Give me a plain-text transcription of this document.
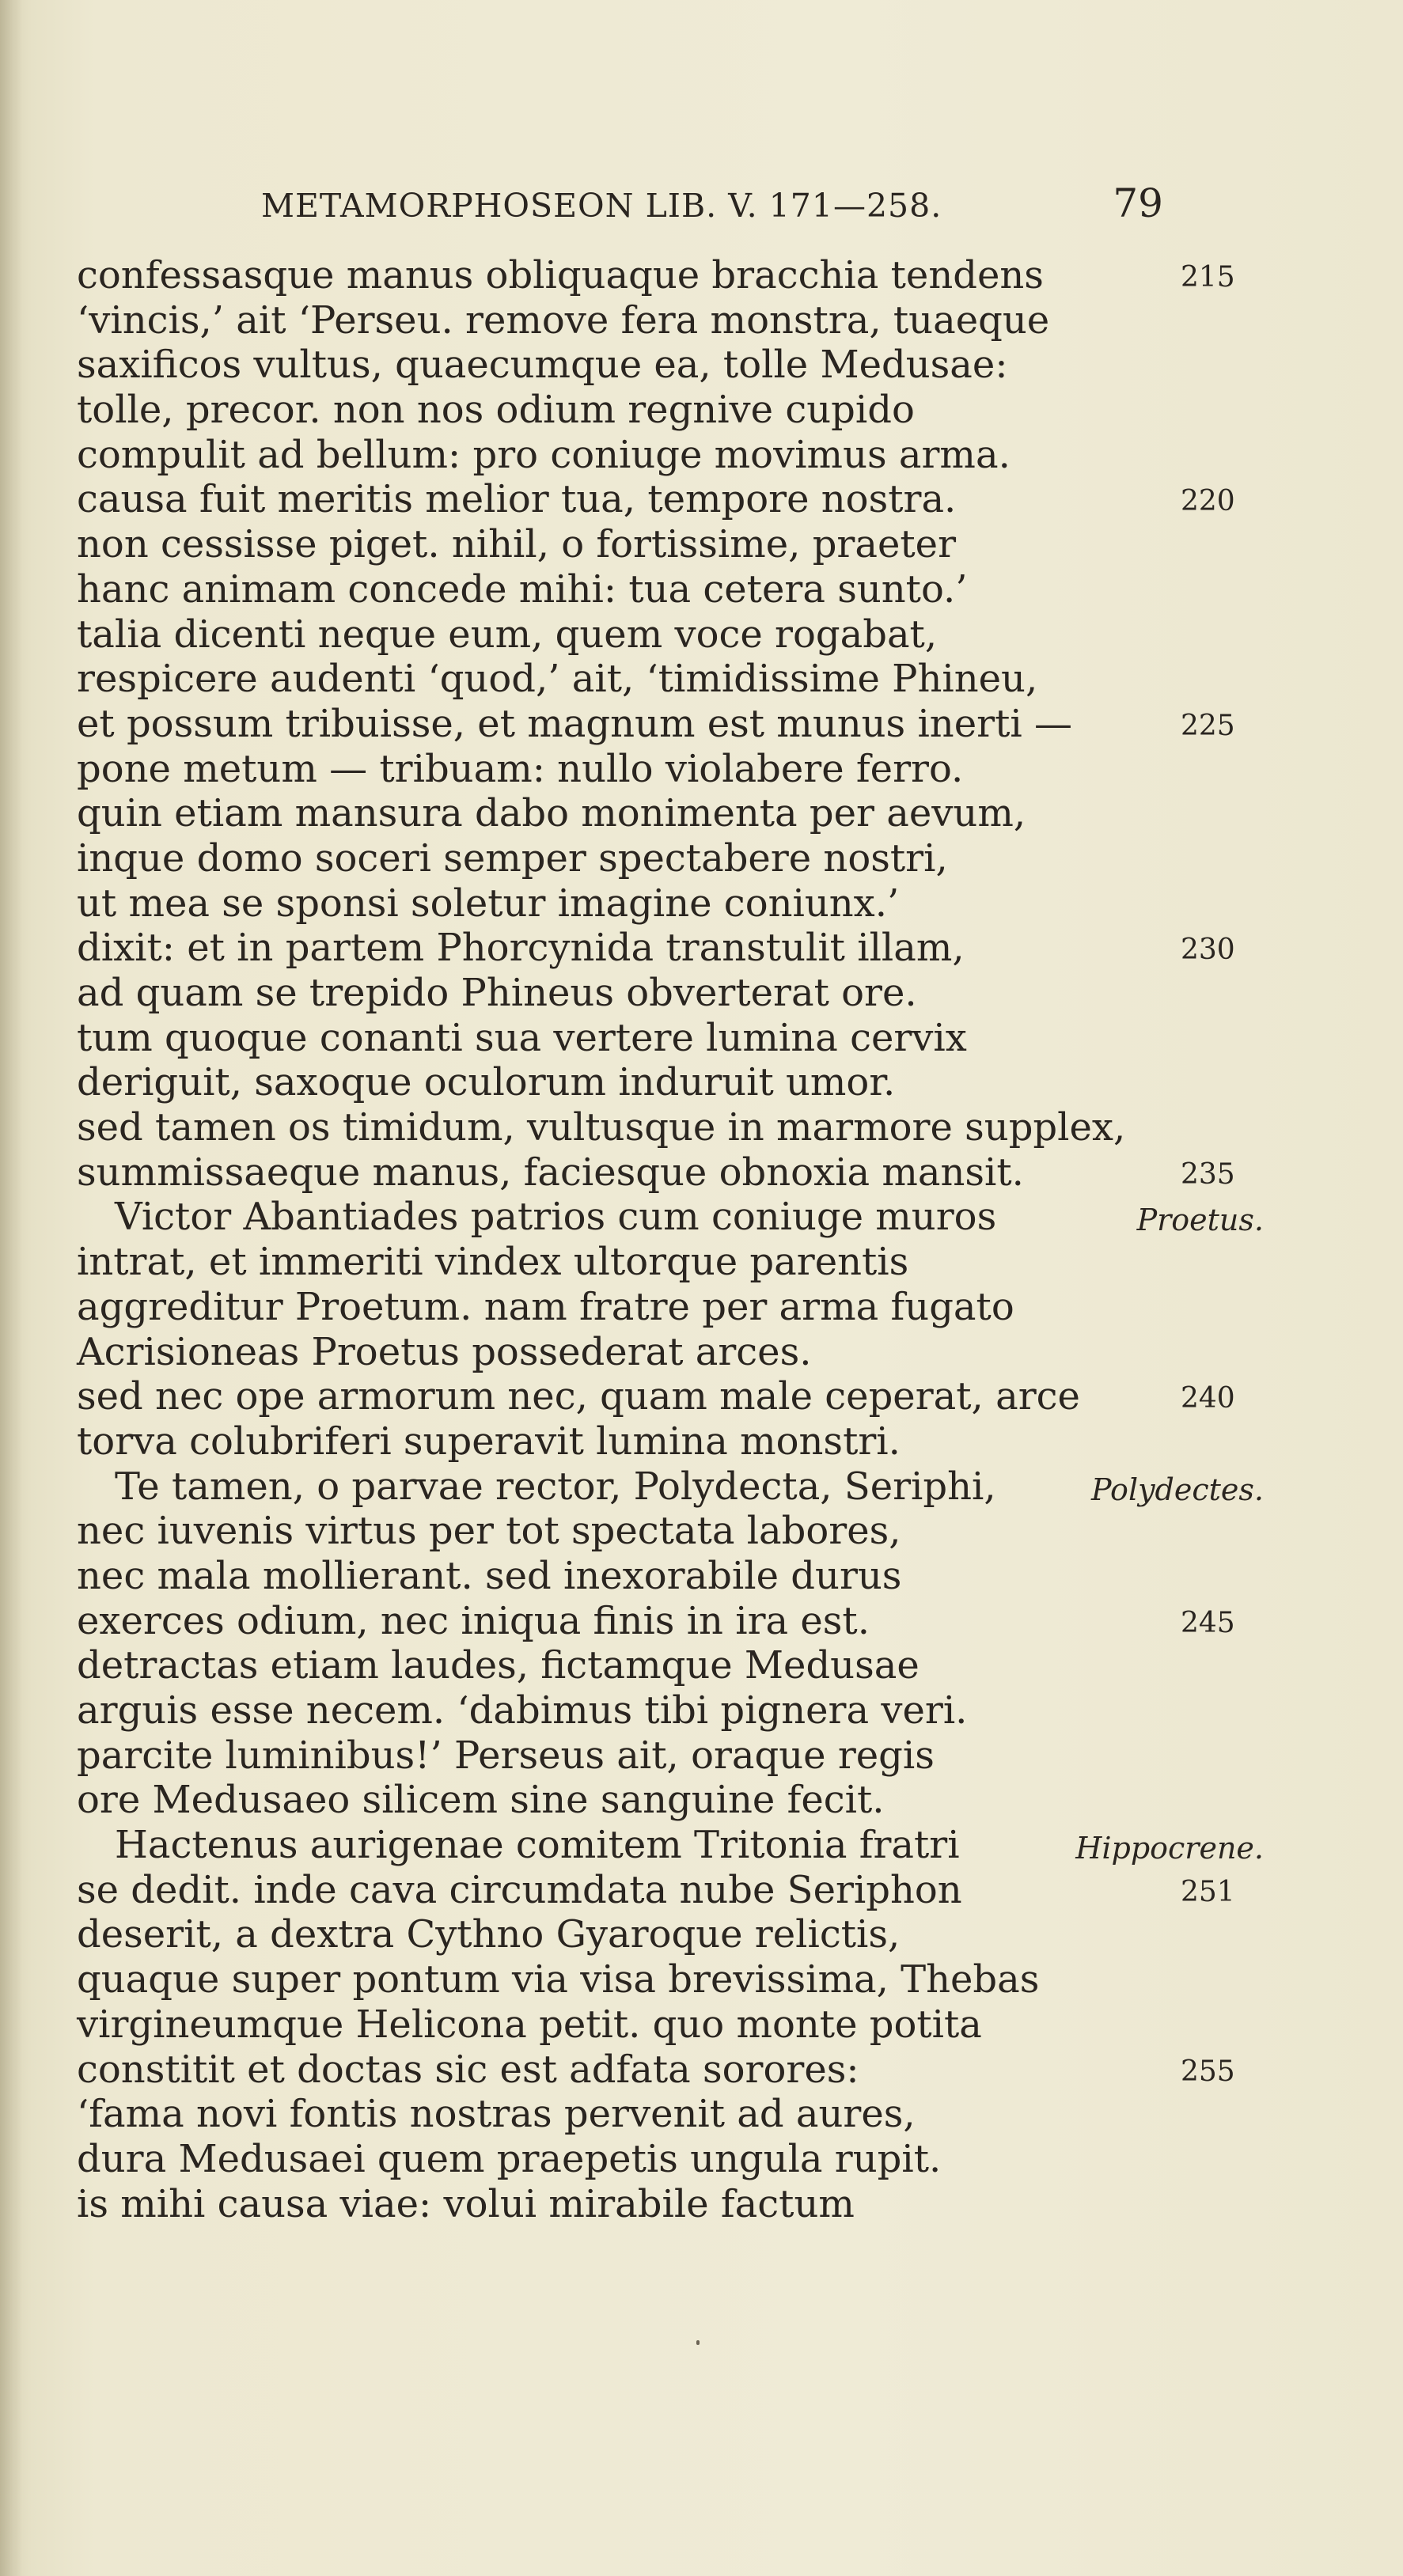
METAMORPHOSEON LIB. V. 171—258.	79
confessasque manus obliquaque bracchia tendens	215
‘vincis,’ ait ‘Perseu. remove fera monstra, tuaeque
saxificos vultus, quaecumque ea, tolle Medusae:
tolle, precor. non nos odium regnive cupido
compulit ad bellum: pro coniuge movimus arma.
causa fuit meritis melior tua, tempore nostra.	220
non cessisse piget. nihil, o fortissime, praeter
hanc animam concede mihi: tua cetera sunto.’
talia dicenti neque eum, quem voce rogabat,
respicere audenti ‘quod,’ ait, ‘timidissime Phineu,
et possum tribuisse, et magnum est munus inerti —	225
pone metum — tribuam: nullo violabere ferro.
quin etiam mansura dabo monimenta per aevum,
inque domo soceri semper spectabere nostri,
ut mea se sponsi soletur imagine coniunx.’
dixit: et in partem Phorcynida transtulit illam,	230
ad quam se trepido Phineus obverterat ore.
tum quoque conanti sua vertere lumina cervix
deriguit, saxoque oculorum induruit umor.
sed tamen os timidum, vultusque in marmore supplex,
summissaeque manus, faciesque obnoxia mansit.	235
Victor Abantiades patrios cum coniuge muros	Proetus.
intrat, et immeriti vindex ultorque parentis
aggreditur Proetum. nam fratre per arma fugato
Acrisioneas Proetus possederat arces.
sed nec ope armorum nec, quam male ceperat, arce	240
torva colubriferi superavit lumina monstri.
Te tamen, o parvae rector, Polydecta, Seriphi,	Polydectes.
nec iuvenis virtus per tot spectata labores,
nec mala mollierant. sed inexorabile durus
exerces odium, nec iniqua finis in ira est.	245
detractas etiam laudes, fictamque Medusae
arguis esse necem. ‘dabimus tibi pignera veri.
parcite luminibus!’ Perseus ait, oraque regis
ore Medusaeo silicem sine sanguine fecit.
Hactenus aurigenae comitem Tritonia fratri	Hippocrene.
se dedit. inde cava circumdata nube Seriphon	251
deserit, a dextra Cythno Gyaroque relictis,
quaque super pontum via visa brevissima, Thebas
virgineumque Helicona petit. quo monte potita
constitit et doctas sic est adfata sorores:	255
‘fama novi fontis nostras pervenit ad aures,
dura Medusaei quem praepetis ungula rupit.
is mihi causa viae: volui mirabile factum
